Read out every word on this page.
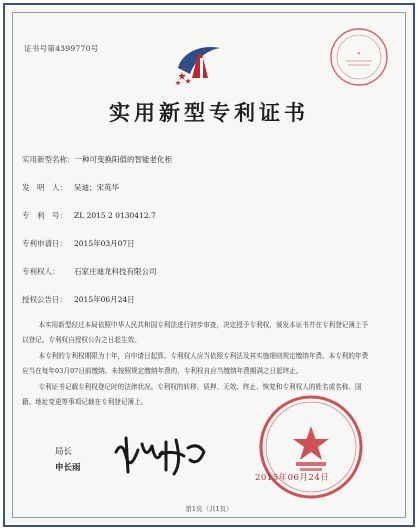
证书号第4399770号
✦
实用新型专利证书
实用新型名称：一种可变换阳值的智能老化柜
发　明　人： 吴迪；宋英华
专　利　号： ZL 2015 2 0130412.7
专利申请日： 2015年03月07日
专利权人： 石家庄迪龙科技有限公司
授权公告日： 2015年06月24日

本实用新型经过本局依照中华人民共和国专利法进行初步审查，决定授予专利权，颁发本证书并在专利登记簿上予以登记。专利权自授权公告之日起生效。

本专利的专利权期限为十年，自申请日起算。专利权人应当依照专利法及其实施细则规定缴纳年费。本专利的年费应当在每年03月07日前缴纳。未按照规定缴纳年费的，专利权自应当缴纳年费期满之日起终止。

专利证书记载专利权登记时的法律状况。专利权的转移、质押、无效、终止、恢复和专利权人的姓名或名称、国籍、地址变更等事项记载在专利登记簿上。

2015年06月24日
局长
申长雨
第1页（共1页）
